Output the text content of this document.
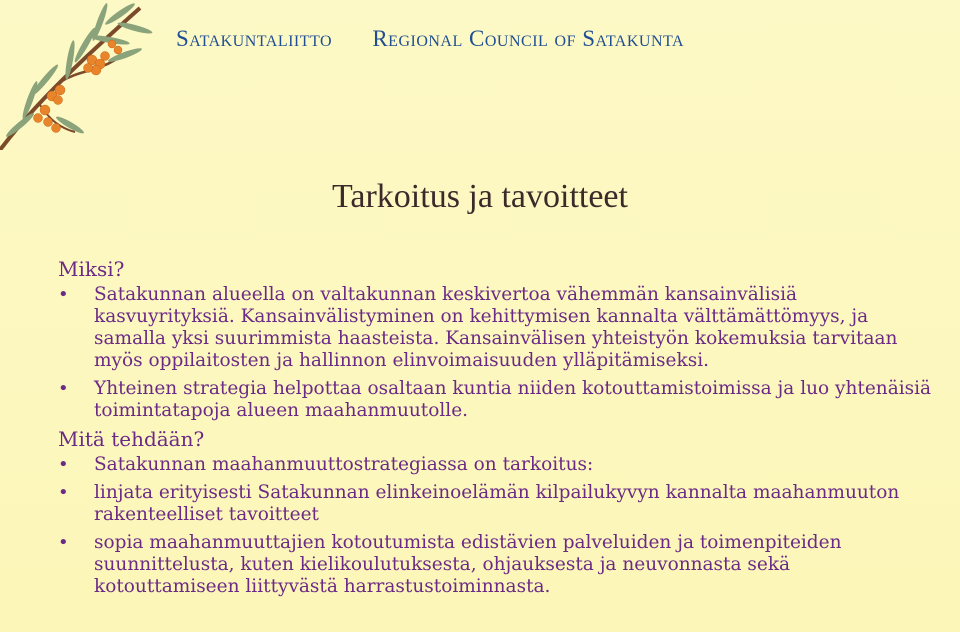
Satakuntaliitto Regional Council of Satakunta
Tarkoitus ja tavoitteet
Miksi?
• Satakunnan alueella on valtakunnan keskivertoa vähemmän kansainvälisiä kasvuyrityksiä. Kansainvälistyminen on kehittymisen kannalta välttämättömyys, ja samalla yksi suurimmista haasteista. Kansainvälisen yhteistyön kokemuksia tarvitaan myös oppilaitosten ja hallinnon elinvoimaisuuden ylläpitämiseksi.
• Yhteinen strategia helpottaa osaltaan kuntia niiden kotouttamistoimissa ja luo yhtenäisiä toimintatapoja alueen maahanmuutolle.
Mitä tehdään?
• Satakunnan maahanmuuttostrategiassa on tarkoitus:
• linjata erityisesti Satakunnan elinkeinoelämän kilpailukyvyn kannalta maahanmuuton rakenteelliset tavoitteet
• sopia maahanmuuttajien kotoutumista edistävien palveluiden ja toimenpiteiden suunnittelusta, kuten kielikoulutuksesta, ohjauksesta ja neuvonnasta sekä kotouttamiseen liittyvästä harrastustoiminnasta.
